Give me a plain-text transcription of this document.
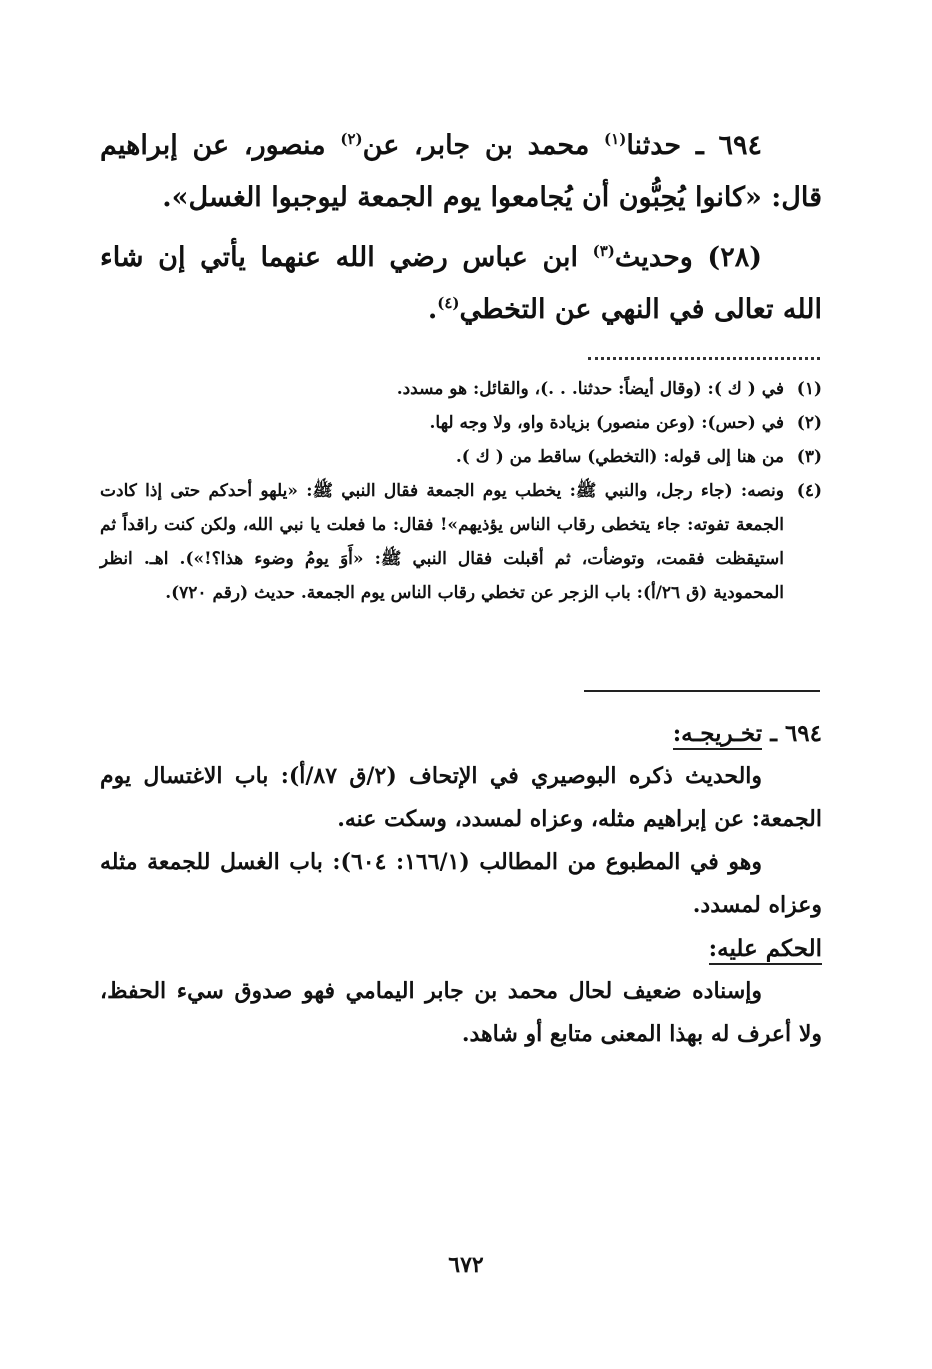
٦٩٤ ـ حدثنا$^{(١)}$ محمد بن جابر، عن$^{(٢)}$ منصور، عن إبراهيم قال: «كانوا يُحِبُّون أن يُجامعوا يوم الجمعة ليوجبوا الغسل».

(٢٨) وحديث$^{(٣)}$ ابن عباس رضي الله عنهما يأتي إن شاء الله تعالى في النهي عن التخطي$^{(٤)}$.

(١)
في ( ك ): (وقال أيضاً: حدثنا. . .)، والقائل: هو مسدد.
(٢)
في (حس): (وعن منصور) بزيادة واو، ولا وجه لها.
(٣)
من هنا إلى قوله: (التخطي) ساقط من ( ك ).
(٤)
ونصه: (جاء رجل، والنبي ﷺ: يخطب يوم الجمعة فقال النبي ﷺ: «يلهو أحدكم حتى إذا كادت الجمعة تفوته: جاء يتخطى رقاب الناس يؤذيهم»! فقال: ما فعلت يا نبي الله، ولكن كنت راقداً ثم استيقظت فقمت، وتوضأت، ثم أقبلت فقال النبي ﷺ: «أَوَ يومُ وضوء هذا؟!»). اهـ. انظر المحمودية (ق ٢٦/أ): باب الزجر عن تخطي رقاب الناس يوم الجمعة. حديث (رقم ٧٢٠).

٦٩٤ ـ تخـريجـه:

والحديث ذكره البوصيري في الإتحاف (٢/ق ٨٧/أ): باب الاغتسال يوم الجمعة: عن إبراهيم مثله، وعزاه لمسدد، وسكت عنه.

وهو في المطبوع من المطالب (١٦٦/١: ٦٠٤): باب الغسل للجمعة مثله وعزاه لمسدد.

الحكم عليه:

وإسناده ضعيف لحال محمد بن جابر اليمامي فهو صدوق سيء الحفظ، ولا أعرف له بهذا المعنى متابع أو شاهد.

٦٧٢
